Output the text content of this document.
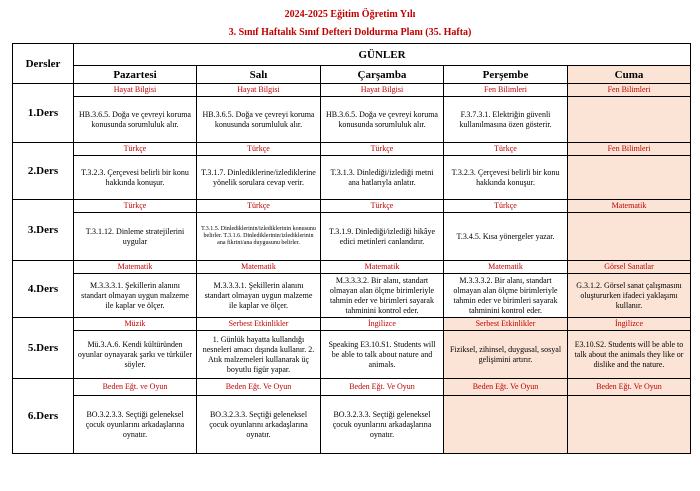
2024-2025 Eğitim Öğretim Yılı
3. Sınıf Haftalık Sınıf Defteri Doldurma Planı (35. Hafta)
Dersler	GÜNLER				
	Pazartesi	Salı	Çarşamba	Perşembe	Cuma
1.Ders	Hayat Bilgisi	Hayat Bilgisi	Hayat Bilgisi	Fen Bilimleri	Fen Bilimleri
	HB.3.6.5. Doğa ve çevreyi koruma konusunda sorumluluk alır.	HB.3.6.5. Doğa ve çevreyi koruma konusunda sorumluluk alır.	HB.3.6.5. Doğa ve çevreyi koruma konusunda sorumluluk alır.	F.3.7.3.1. Elektriğin güvenli kullanılmasına özen gösterir.	
2.Ders	Türkçe	Türkçe	Türkçe	Türkçe	Fen Bilimleri
	T.3.2.3. Çerçevesi belirli bir konu hakkında konuşur.	T.3.1.7. Dinlediklerine/izlediklerine yönelik sorulara cevap verir.	T.3.1.3. Dinlediği/izlediği metni ana hatlarıyla anlatır.	T.3.2.3. Çerçevesi belirli bir konu hakkında konuşur.	
3.Ders	Türkçe	Türkçe	Türkçe	Türkçe	Matematik
	T.3.1.12. Dinleme stratejilerini uygular	T.3.1.5. Dinlediklerinin/izlediklerinin konusunu belirler. T.3.1.6. Dinlediklerinin/izlediklerinin ana fikrini/ana duygusunu belirler.	T.3.1.9. Dinlediği/izlediği hikâye edici metinleri canlandırır.	T.3.4.5. Kısa yönergeler yazar.	
4.Ders	Matematik	Matematik	Matematik	Matematik	Görsel Sanatlar
	M.3.3.3.1. Şekillerin alanını standart olmayan uygun malzeme ile kaplar ve ölçer.	M.3.3.3.1. Şekillerin alanını standart olmayan uygun malzeme ile kaplar ve ölçer.	M.3.3.3.2. Bir alanı, standart olmayan alan ölçme birimleriyle tahmin eder ve birimleri sayarak tahminini kontrol eder.	M.3.3.3.2. Bir alanı, standart olmayan alan ölçme birimleriyle tahmin eder ve birimleri sayarak tahminini kontrol eder.	G.3.1.2. Görsel sanat çalışmasını oluştururken ifadeci yaklaşımı kullanır.
5.Ders	Müzik	Serbest Etkinlikler	İngilizce	Serbest Etkinlikler	İngilizce
	Mü.3.A.6. Kendi kültüründen oyunlar oynayarak şarkı ve türküler söyler.	1. Günlük hayatta kullandığı nesneleri amacı dışında kullanır. 2. Atık malzemeleri kullanarak üç boyutlu figür yapar.	Speaking E3.10.S1. Students will be able to talk about nature and animals.	Fiziksel, zihinsel, duygusal, sosyal gelişimini artırır.	E3.10.S2. Students will be able to talk about the animals they like or dislike and the nature.
6.Ders	Beden Eğt. ve Oyun	Beden Eğt. Ve Oyun	Beden Eğt. Ve Oyun	Beden Eğt. Ve Oyun	Beden Eğt. Ve Oyun
	BO.3.2.3.3. Seçtiği geleneksel çocuk oyunlarını arkadaşlarına oynatır.	BO.3.2.3.3. Seçtiği geleneksel çocuk oyunlarını arkadaşlarına oynatır.	BO.3.2.3.3. Seçtiği geleneksel çocuk oyunlarını arkadaşlarına oynatır.		
